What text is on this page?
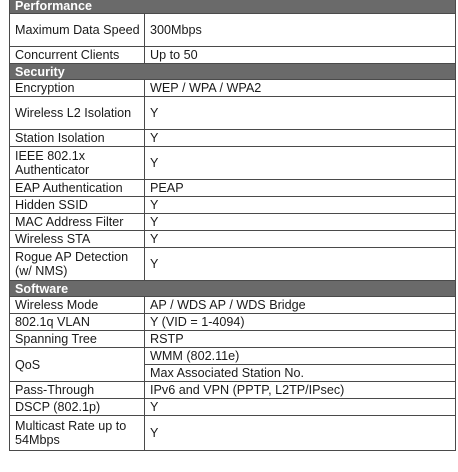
Performance	
Maximum Data Speed	300Mbps
Concurrent Clients	Up to 50
Security	
Encryption	WEP / WPA / WPA2
Wireless L2 Isolation	Y
Station Isolation	Y
IEEE 802.1x Authenticator	Y
EAP Authentication	PEAP
Hidden SSID	Y
MAC Address Filter	Y
Wireless STA	Y
Rogue AP Detection (w/ NMS)	Y
Software	
Wireless Mode	AP / WDS AP / WDS Bridge
802.1q VLAN	Y (VID = 1-4094)
Spanning Tree	RSTP
QoS	WMM (802.11e)
	Max Associated Station No.
Pass-Through	IPv6 and VPN (PPTP, L2TP/IPsec)
DSCP (802.1p)	Y
Multicast Rate up to 54Mbps	Y
